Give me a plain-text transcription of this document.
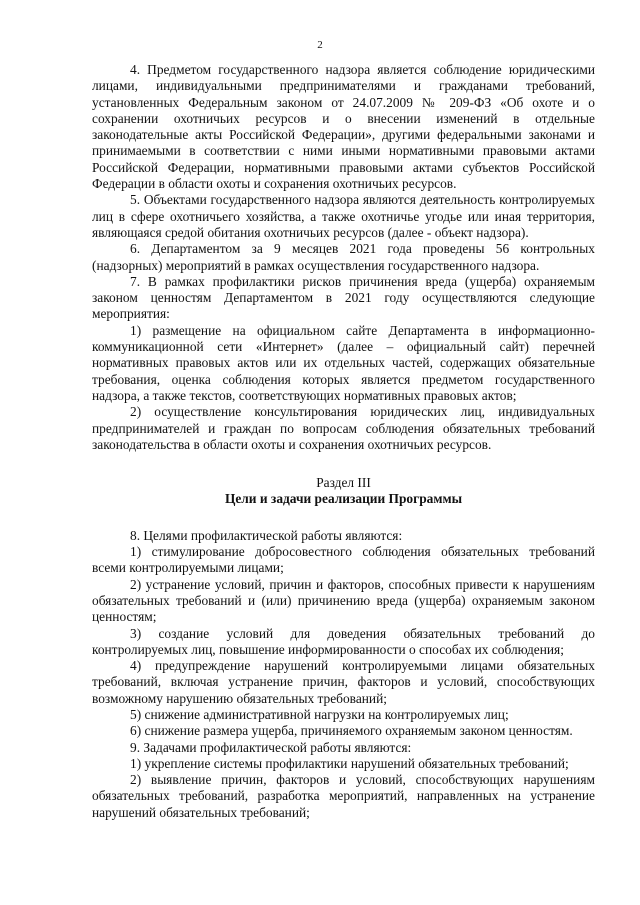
2

4. Предметом государственного надзора является соблюдение юридическими лицами, индивидуальными предпринимателями и гражданами требований, установленных Федеральным законом от 24.07.2009 № 209-ФЗ «Об охоте и о сохранении охотничьих ресурсов и о внесении изменений в отдельные законодательные акты Российской Федерации», другими федеральными законами и принимаемыми в соответствии с ними иными нормативными правовыми актами Российской Федерации, нормативными правовыми актами субъектов Российской Федерации в области охоты и сохранения охотничьих ресурсов.

5. Объектами государственного надзора являются деятельность контролируемых лиц в сфере охотничьего хозяйства, а также охотничье угодье или иная территория, являющаяся средой обитания охотничьих ресурсов (далее - объект надзора).

6. Департаментом за 9 месяцев 2021 года проведены 56 контрольных (надзорных) мероприятий в рамках осуществления государственного надзора.

7. В рамках профилактики рисков причинения вреда (ущерба) охраняемым законом ценностям Департаментом в 2021 году осуществляются следующие мероприятия:

1) размещение на официальном сайте Департамента в информационно-коммуникационной сети «Интернет» (далее – официальный сайт) перечней нормативных правовых актов или их отдельных частей, содержащих обязательные требования, оценка соблюдения которых является предметом государственного надзора, а также текстов, соответствующих нормативных правовых актов;

2) осуществление консультирования юридических лиц, индивидуальных предпринимателей и граждан по вопросам соблюдения обязательных требований законодательства в области охоты и сохранения охотничьих ресурсов.

Раздел III

Цели и задачи реализации Программы

8. Целями профилактической работы являются:

1) стимулирование добросовестного соблюдения обязательных требований всеми контролируемыми лицами;

2) устранение условий, причин и факторов, способных привести к нарушениям обязательных требований и (или) причинению вреда (ущерба) охраняемым законом ценностям;

3) создание условий для доведения обязательных требований до контролируемых лиц, повышение информированности о способах их соблюдения;

4) предупреждение нарушений контролируемыми лицами обязательных требований, включая устранение причин, факторов и условий, способствующих возможному нарушению обязательных требований;

5) снижение административной нагрузки на контролируемых лиц;

6) снижение размера ущерба, причиняемого охраняемым законом ценностям.

9. Задачами профилактической работы являются:

1) укрепление системы профилактики нарушений обязательных требований;

2) выявление причин, факторов и условий, способствующих нарушениям обязательных требований, разработка мероприятий, направленных на устранение нарушений обязательных требований;
